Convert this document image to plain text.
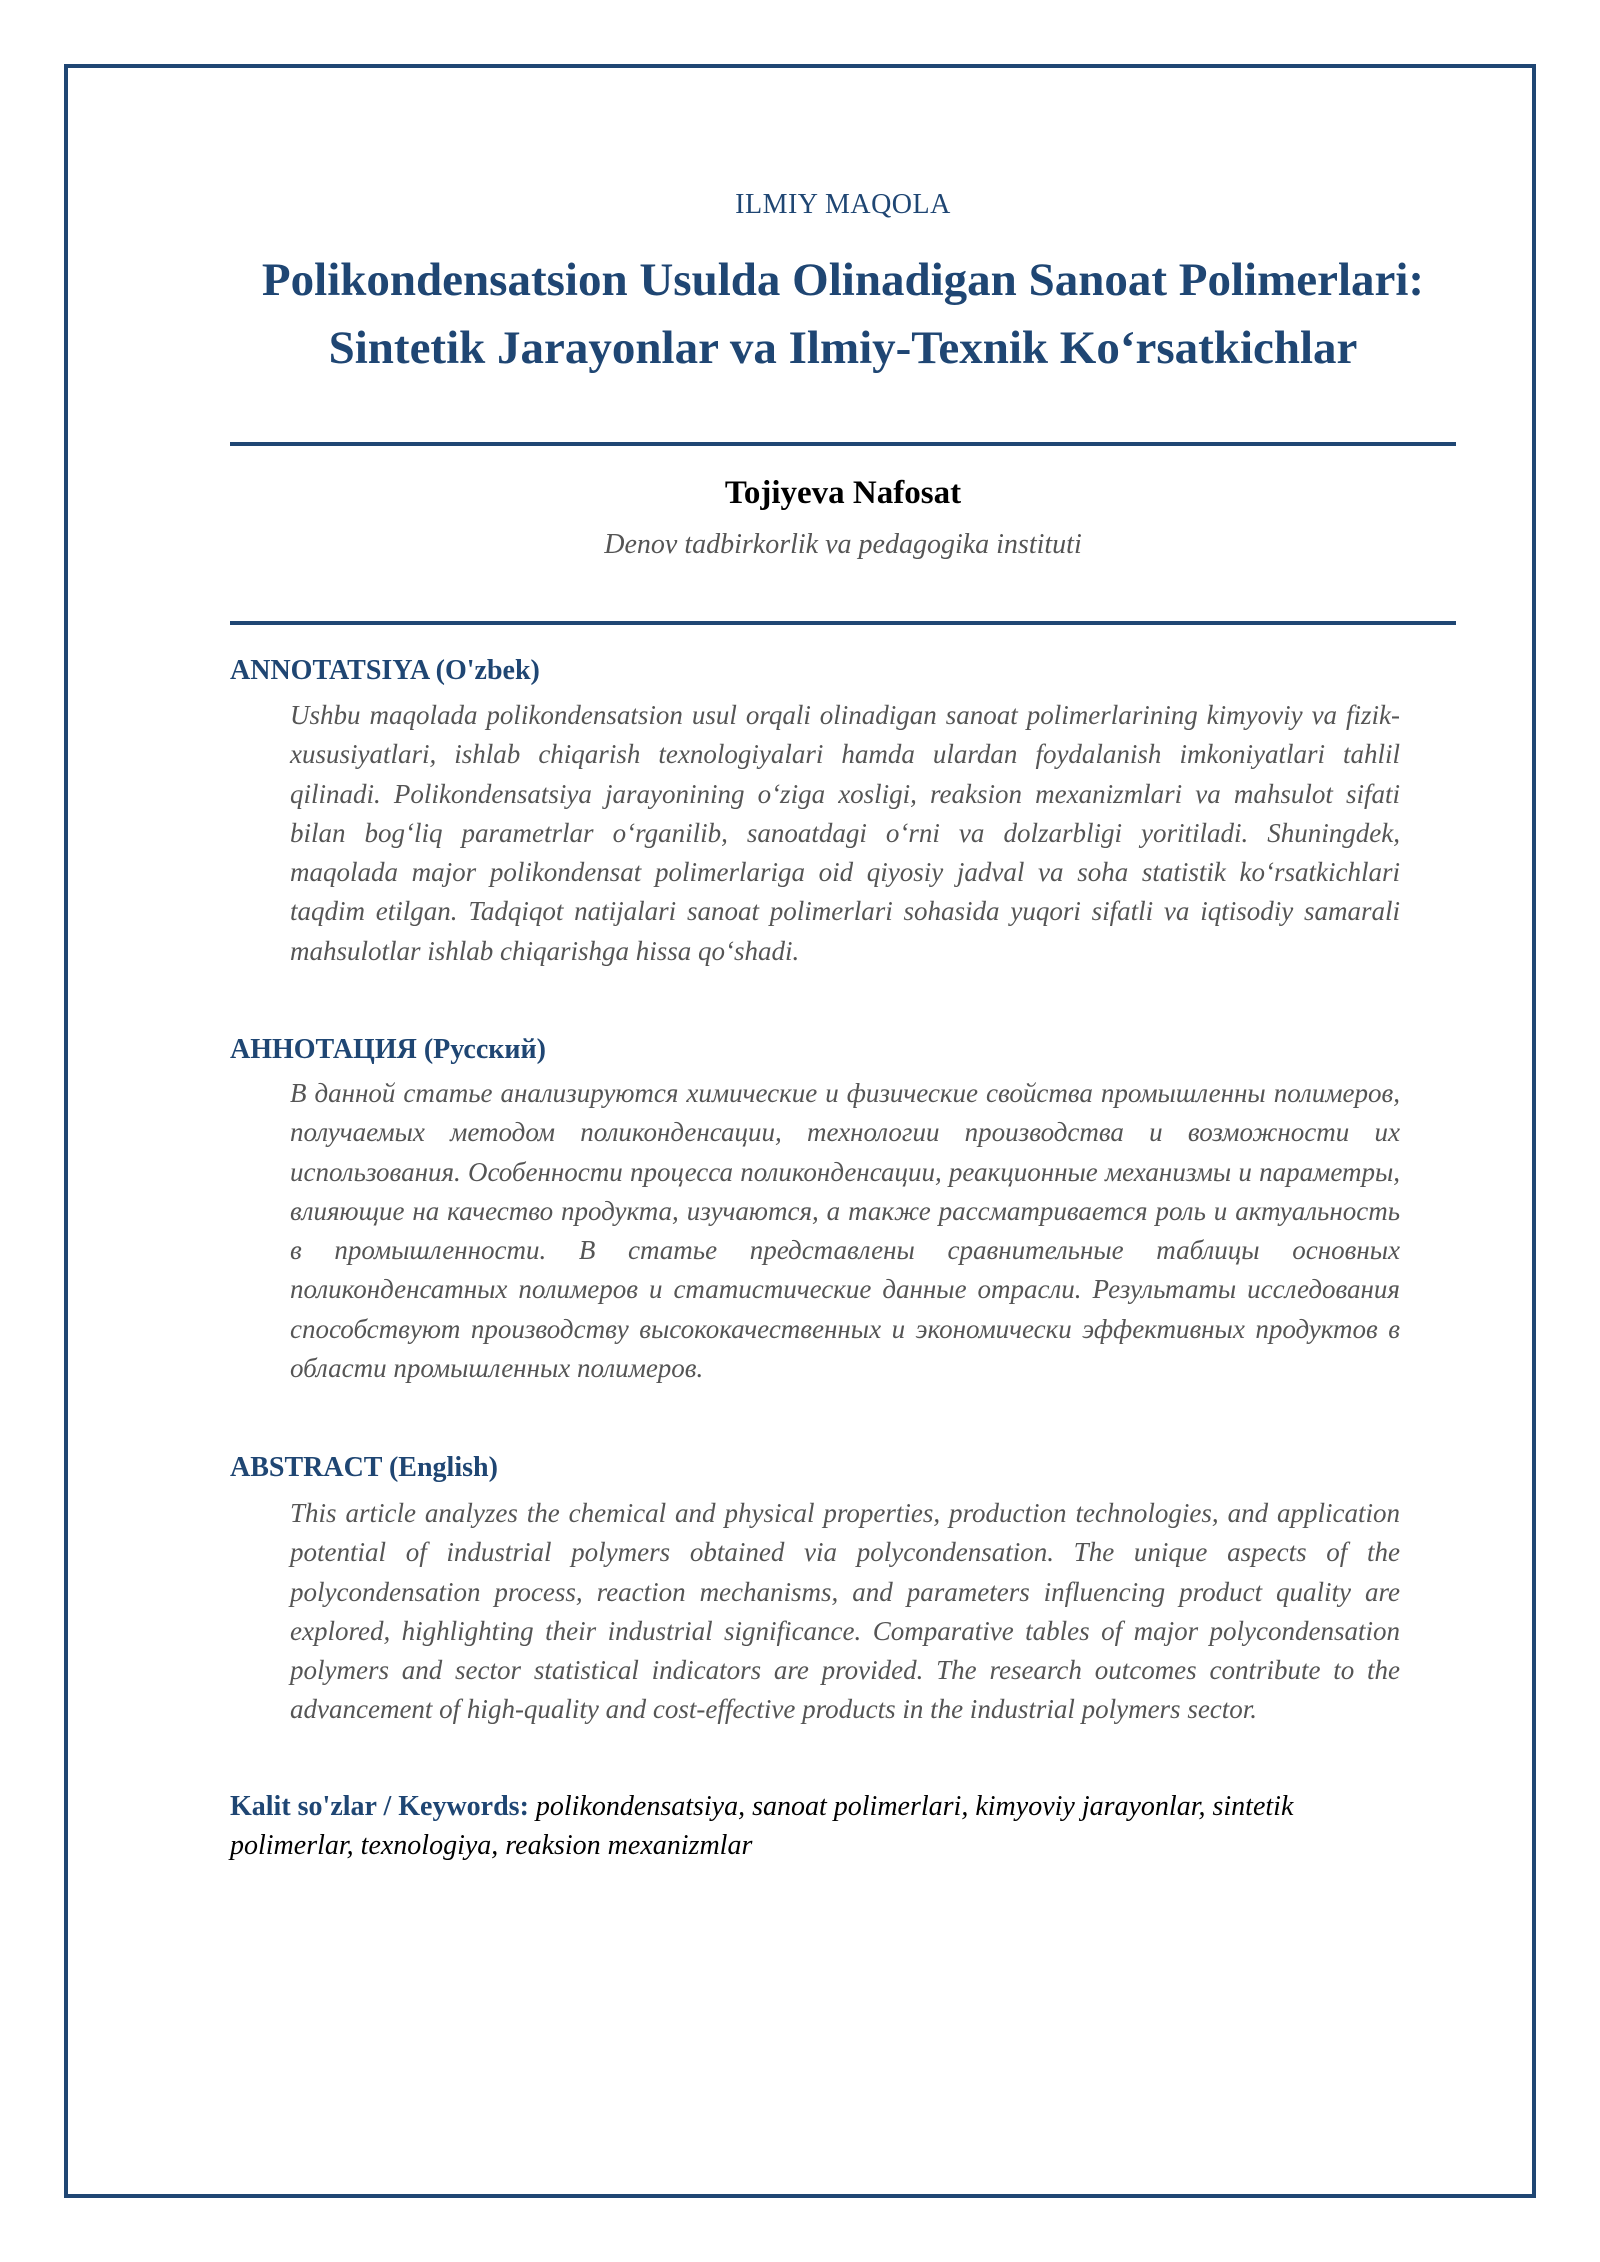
ILMIY MAQOLA
Polikondensatsion Usulda Olinadigan Sanoat Polimerlari: Sintetik Jarayonlar va Ilmiy-Texnik Ko‘rsatkichlar
Tojiyeva Nafosat
Denov tadbirkorlik va pedagogika instituti
ANNOTATSIYA (O'zbek)

Ushbu maqolada polikondensatsion usul orqali olinadigan sanoat polimerlarining kimyoviy va fizik-xususiyatlari, ishlab chiqarish texnologiyalari hamda ulardan foydalanish imkoniyatlari tahlil qilinadi. Polikondensatsiya jarayonining o‘ziga xosligi, reaksion mexanizmlari va mahsulot sifati bilan bog‘liq parametrlar o‘rganilib, sanoatdagi o‘rni va dolzarbligi yoritiladi. Shuningdek, maqolada major polikondensat polimerlariga oid qiyosiy jadval va soha statistik ko‘rsatkichlari taqdim etilgan. Tadqiqot natijalari sanoat polimerlari sohasida yuqori sifatli va iqtisodiy samarali mahsulotlar ishlab chiqarishga hissa qo‘shadi.

АННОТАЦИЯ (Русский)

В данной статье анализируются химические и физические свойства промышленны полимеров, получаемых методом поликонденсации, технологии производства и возможности их использования. Особенности процесса поликонденсации, реакционные механизмы и параметры, влияющие на качество продукта, изучаются, а также рассматривается роль и актуальность в промышленности. В статье представлены сравнительные таблицы основных поликонденсатных полимеров и статистические данные отрасли. Результаты исследования способствуют производству высококачественных и экономически эффективных продуктов в области промышленных полимеров.

ABSTRACT (English)

This article analyzes the chemical and physical properties, production technologies, and application potential of industrial polymers obtained via polycondensation. The unique aspects of the polycondensation process, reaction mechanisms, and parameters influencing product quality are explored, highlighting their industrial significance. Comparative tables of major polycondensation polymers and sector statistical indicators are provided. The research outcomes contribute to the advancement of high-quality and cost-effective products in the industrial polymers sector.

Kalit so'zlar / Keywords: polikondensatsiya, sanoat polimerlari, kimyoviy jarayonlar, sintetik polimerlar, texnologiya, reaksion mexanizmlar
